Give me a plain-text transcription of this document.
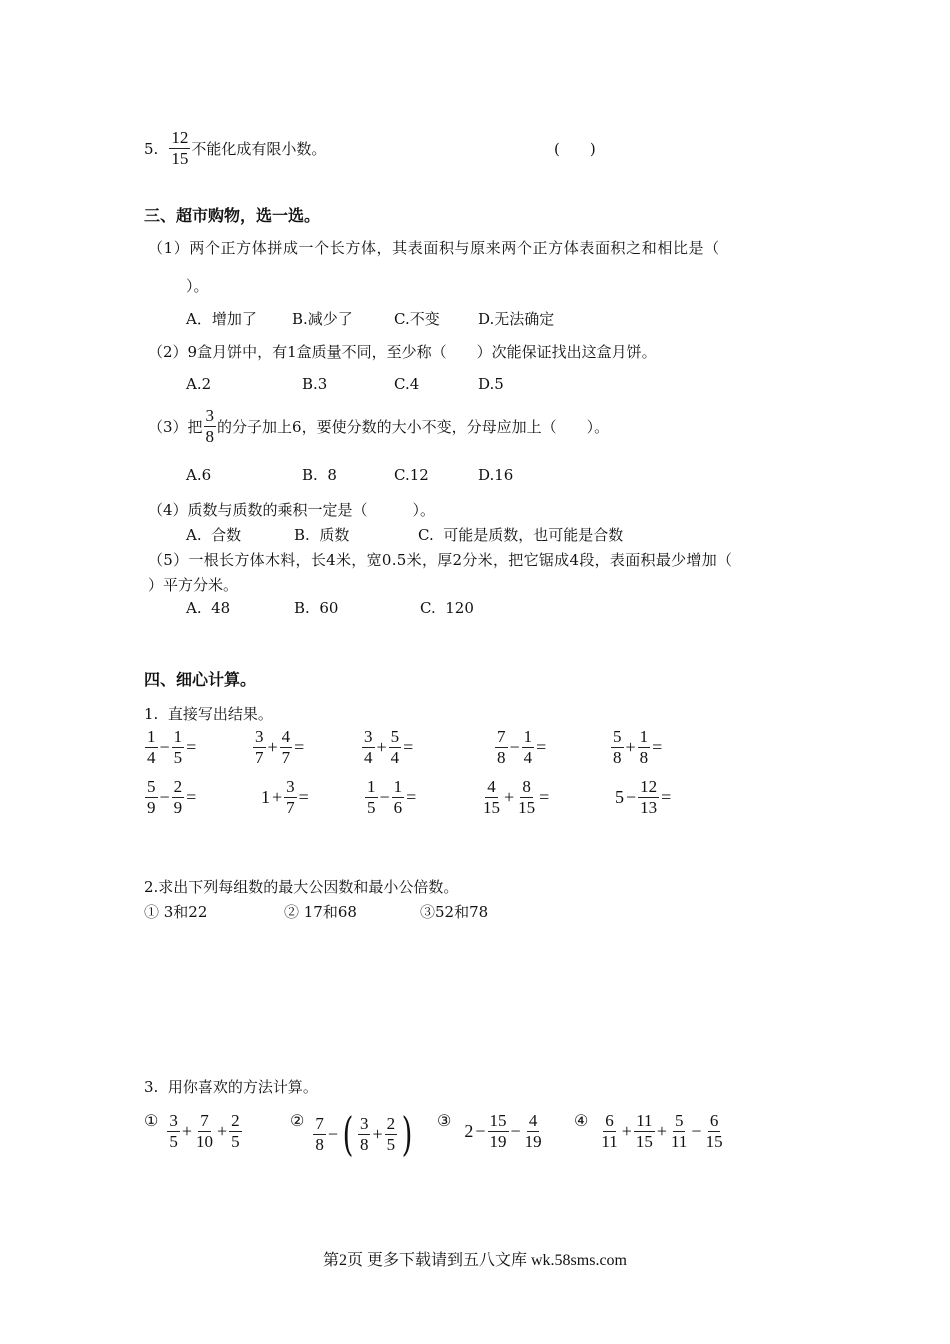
5. $\frac{12}{15}$ 不能化成有限小数。	(　　)
三、超市购物，选一选。
（1）两个正方体拼成一个长方体，其表面积与原来两个正方体表面积之和相比是（
）。
A．增加了 B.减少了	C.不变	D.无法确定
（2）9盒月饼中，有1盒质量不同，至少称（　　）次能保证找出这盒月饼。
A.2	B.3	C.4	D.5
（3）把 $\frac{3}{8}$ 的分子加上6，要使分数的大小不变，分母应加上（　　）。
A.6	B.  8	C.12	D.16
（4）质数与质数的乘积一定是（　　　）。
A.  合数	B.  质数	C.  可能是质数，也可能是合数
（5）一根长方体木料，长4米，宽0.5米，厚2分米，把它锯成4段，表面积最少增加（
）平方分米。
A.  48	B.  60	C.  120
四、细心计算。
1.  直接写出结果。
$\frac{1}{4} - \frac{1}{5}$ =	$\frac{3}{7} + \frac{4}{7}$ =	$\frac{3}{4} + \frac{5}{4}$ =	$\frac{7}{8} - \frac{1}{4}$ =	$\frac{5}{8} + \frac{1}{8}$ =
$\frac{5}{9} - \frac{2}{9}$ =	$1 + \frac{3}{7}$ =	$\frac{1}{5} - \frac{1}{6}$ =	$\frac{4}{15} + \frac{8}{15}$ =	$5 - \frac{12}{13}$ =
2.求出下列每组数的最大公因数和最小公倍数。
① 3和22	② 17和68	③52和78
3.  用你喜欢的方法计算。
① $\frac{3}{5} + \frac{7}{10} + \frac{2}{5}$	② $\frac{7}{8}$ − ( $\frac{3}{8} + \frac{2}{5}$ ) ③
$2 - \frac{15}{19} - \frac{4}{19}$ ④ $\frac{6}{11} + \frac{11}{15} + \frac{5}{11} - \frac{6}{15}$
第2页 更多下载请到五八文库 wk.58sms.com
